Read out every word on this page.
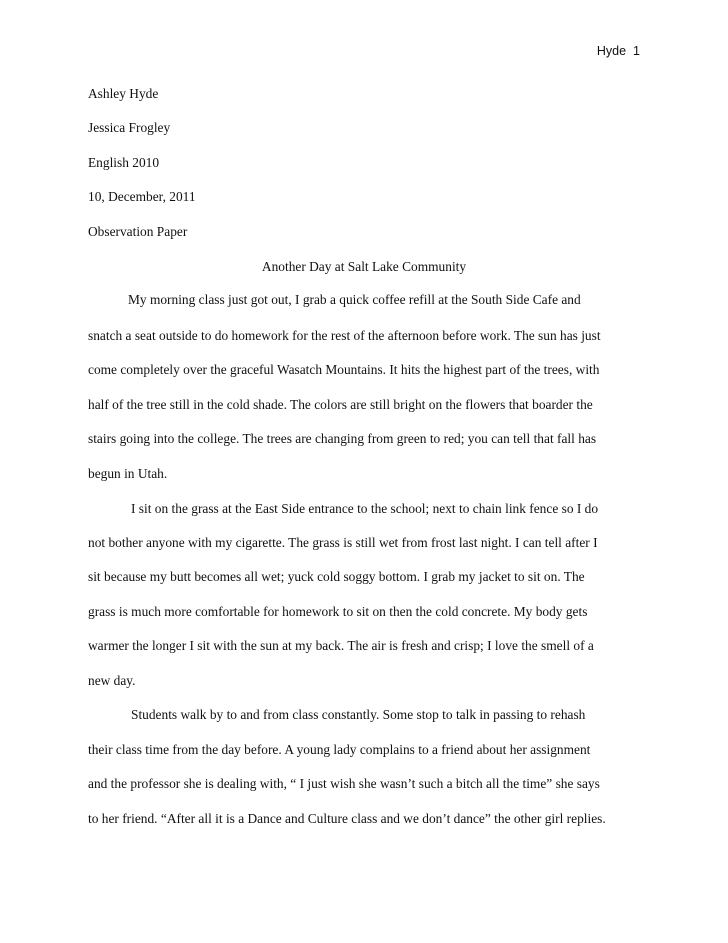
Hyde 1
Ashley Hyde
Jessica Frogley
English 2010
10, December, 2011
Observation Paper
Another Day at Salt Lake Community
My morning class just got out, I grab a quick coffee refill at the South Side Cafe and
snatch a seat outside to do homework for the rest of the afternoon before work. The sun has just
come completely over the graceful Wasatch Mountains. It hits the highest part of the trees, with
half of the tree still in the cold shade. The colors are still bright on the flowers that boarder the
stairs going into the college. The trees are changing from green to red; you can tell that fall has
begun in Utah.
I sit on the grass at the East Side entrance to the school; next to chain link fence so I do
not bother anyone with my cigarette. The grass is still wet from frost last night. I can tell after I
sit because my butt becomes all wet; yuck cold soggy bottom. I grab my jacket to sit on. The
grass is much more comfortable for homework to sit on then the cold concrete. My body gets
warmer the longer I sit with the sun at my back. The air is fresh and crisp; I love the smell of a
new day.
Students walk by to and from class constantly. Some stop to talk in passing to rehash
their class time from the day before. A young lady complains to a friend about her assignment
and the professor she is dealing with, “ I just wish she wasn’t such a bitch all the time” she says
to her friend. “After all it is a Dance and Culture class and we don’t dance” the other girl replies.
